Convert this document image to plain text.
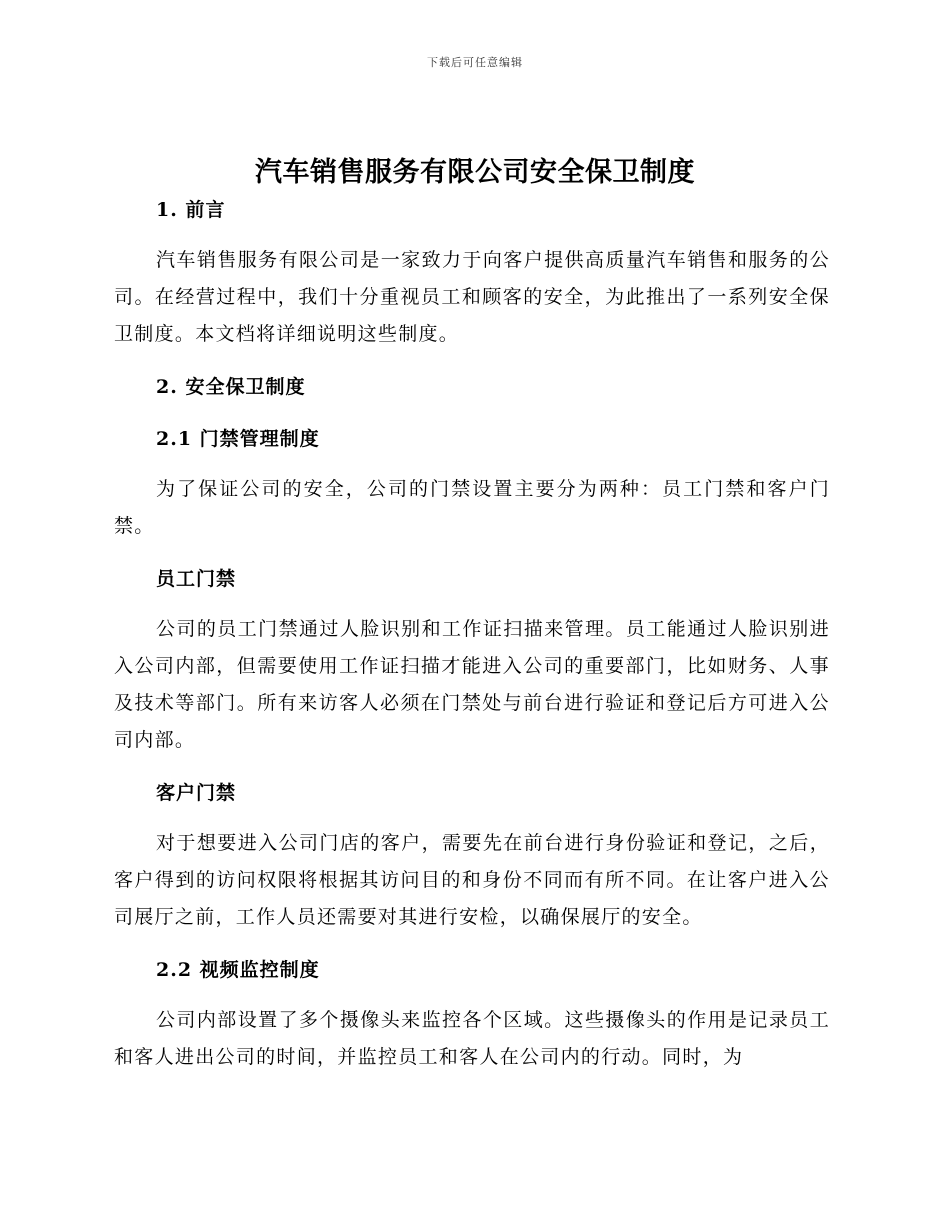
下载后可任意编辑
汽车销售服务有限公司安全保卫制度

1. 前言

汽车销售服务有限公司是一家致力于向客户提供高质量汽车销售和服务的公司。在经营过程中，我们十分重视员工和顾客的安全，为此推出了一系列安全保卫制度。本文档将详细说明这些制度。

2. 安全保卫制度

2.1 门禁管理制度

为了保证公司的安全，公司的门禁设置主要分为两种：员工门禁和客户门禁。

员工门禁

公司的员工门禁通过人脸识别和工作证扫描来管理。员工能通过人脸识别进入公司内部，但需要使用工作证扫描才能进入公司的重要部门，比如财务、人事及技术等部门。所有来访客人必须在门禁处与前台进行验证和登记后方可进入公司内部。

客户门禁

对于想要进入公司门店的客户，需要先在前台进行身份验证和登记，之后，客户得到的访问权限将根据其访问目的和身份不同而有所不同。在让客户进入公司展厅之前，工作人员还需要对其进行安检，以确保展厅的安全。

2.2 视频监控制度

公司内部设置了多个摄像头来监控各个区域。这些摄像头的作用是记录员工和客人进出公司的时间，并监控员工和客人在公司内的行动。同时，为
